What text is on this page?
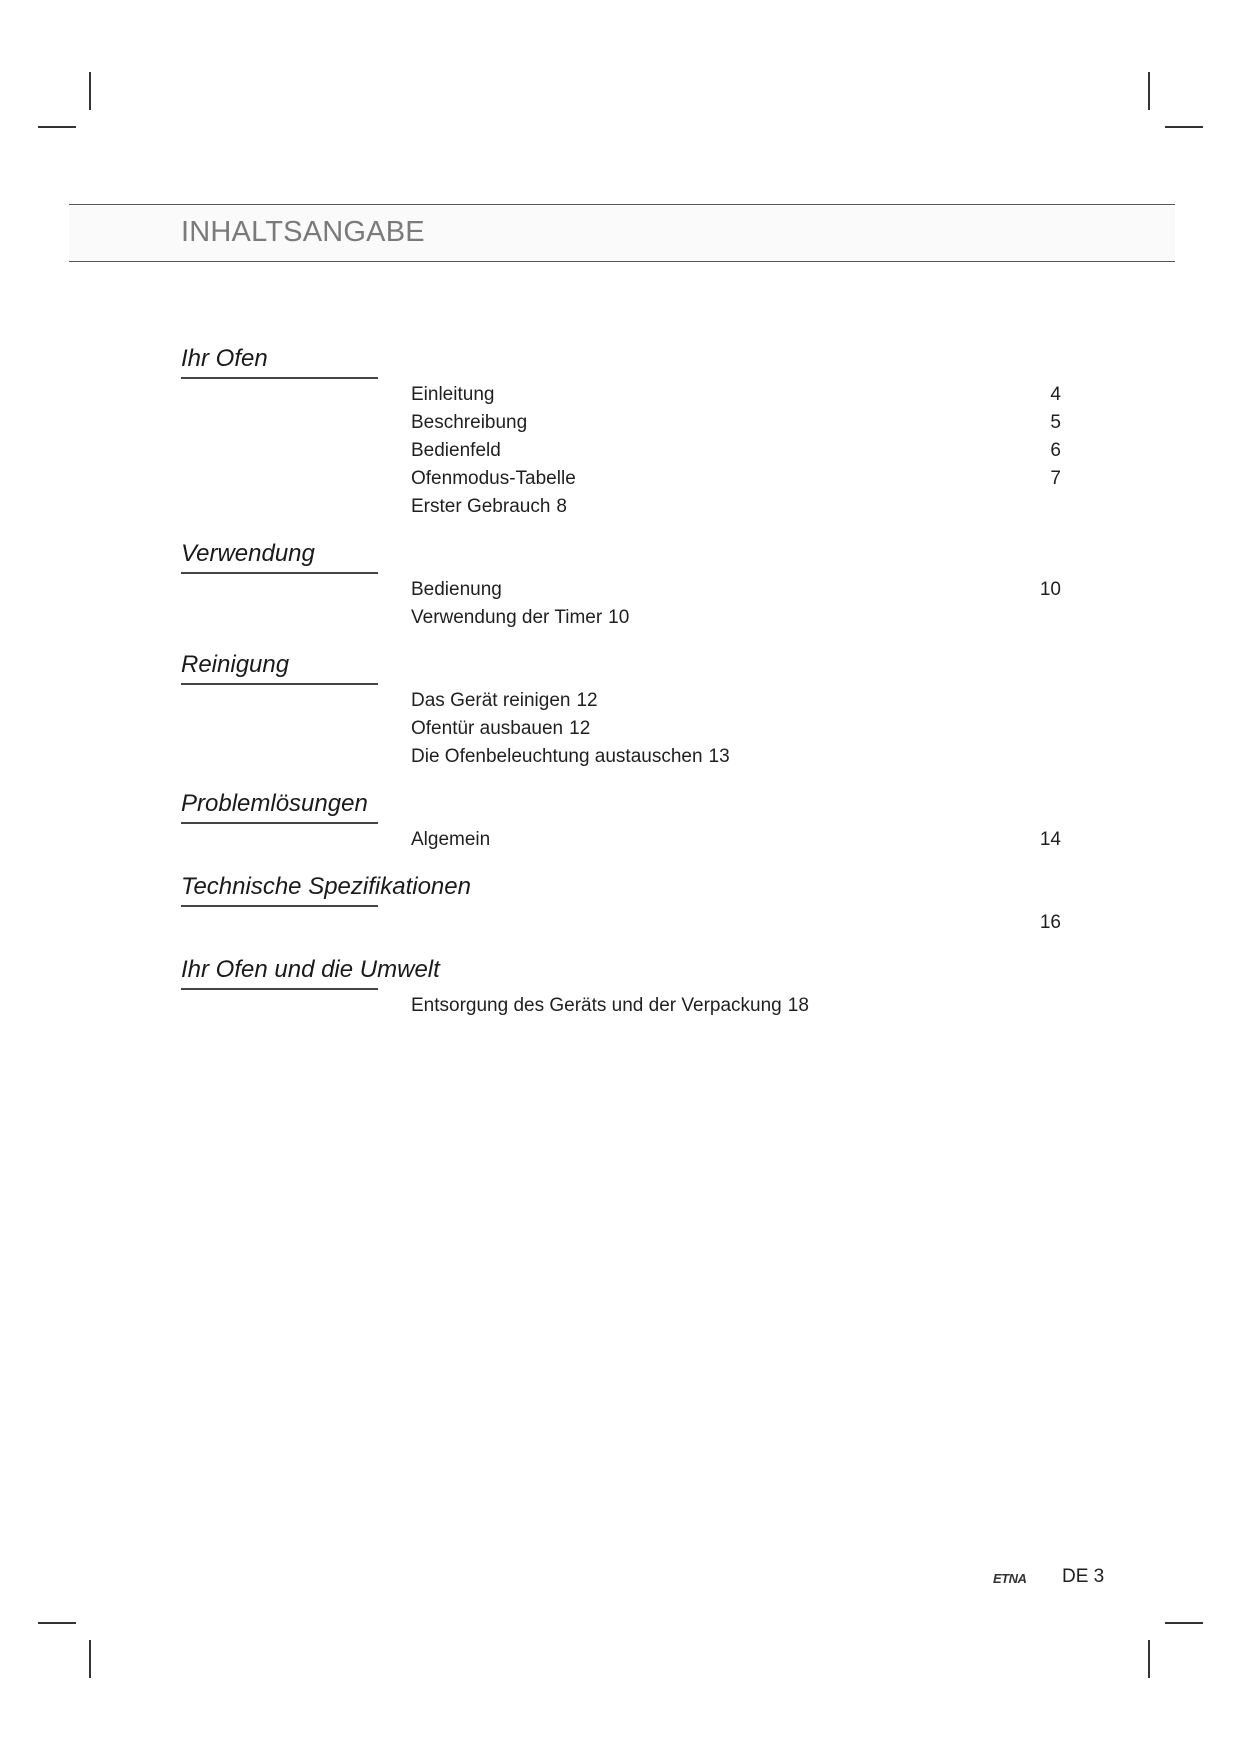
INHALTSANGABE
Ihr Ofen
Einleitung	4
Beschreibung	5
Bedienfeld	6
Ofenmodus-Tabelle	7
Erster Gebrauch 8
Verwendung
Bedienung	10
Verwendung der Timer 10
Reinigung
Das Gerät reinigen 12
Ofentür ausbauen 12
Die Ofenbeleuchtung austauschen 13
Problemlösungen
Algemein	14
Technische Spezifikationen
16
Ihr Ofen und die Umwelt
Entsorgung des Geräts und der Verpackung 18
ETNA DE 3
